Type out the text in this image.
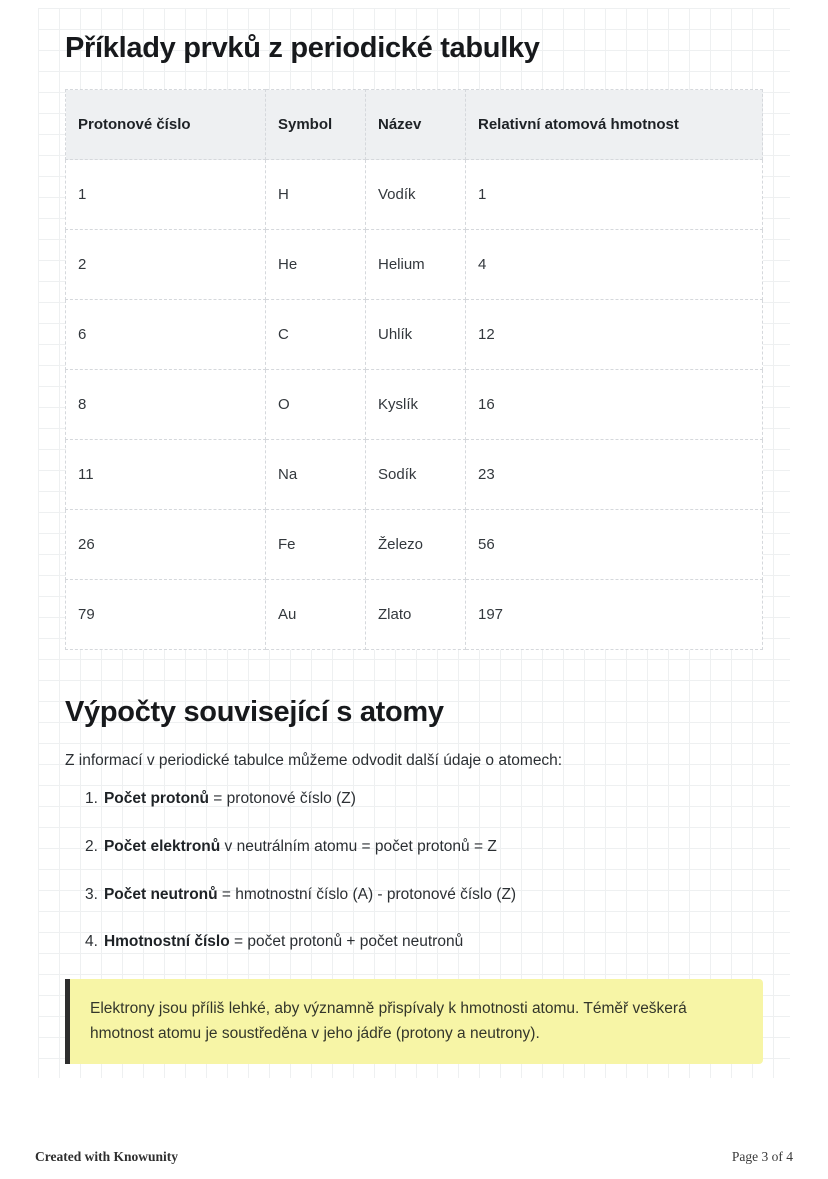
Příklady prvků z periodické tabulky
Protonové číslo	Symbol	Název	Relativní atomová hmotnost
1	H	Vodík	1
2	He	Helium	4
6	C	Uhlík	12
8	O	Kyslík	16
11	Na	Sodík	23
26	Fe	Železo	56
79	Au	Zlato	197
Výpočty související s atomy

Z informací v periodické tabulce můžeme odvodit další údaje o atomech:

1. Počet protonů = protonové číslo (Z)
2. Počet elektronů v neutrálním atomu = počet protonů = Z
3. Počet neutronů = hmotnostní číslo (A) - protonové číslo (Z)
4. Hmotnostní číslo = počet protonů + počet neutronů

Elektrony jsou příliš lehké, aby významně přispívaly k hmotnosti atomu. Téměř veškerá hmotnost atomu je soustředěna v jeho jádře (protony a neutrony).

Created with Knowunity	Page 3 of 4
